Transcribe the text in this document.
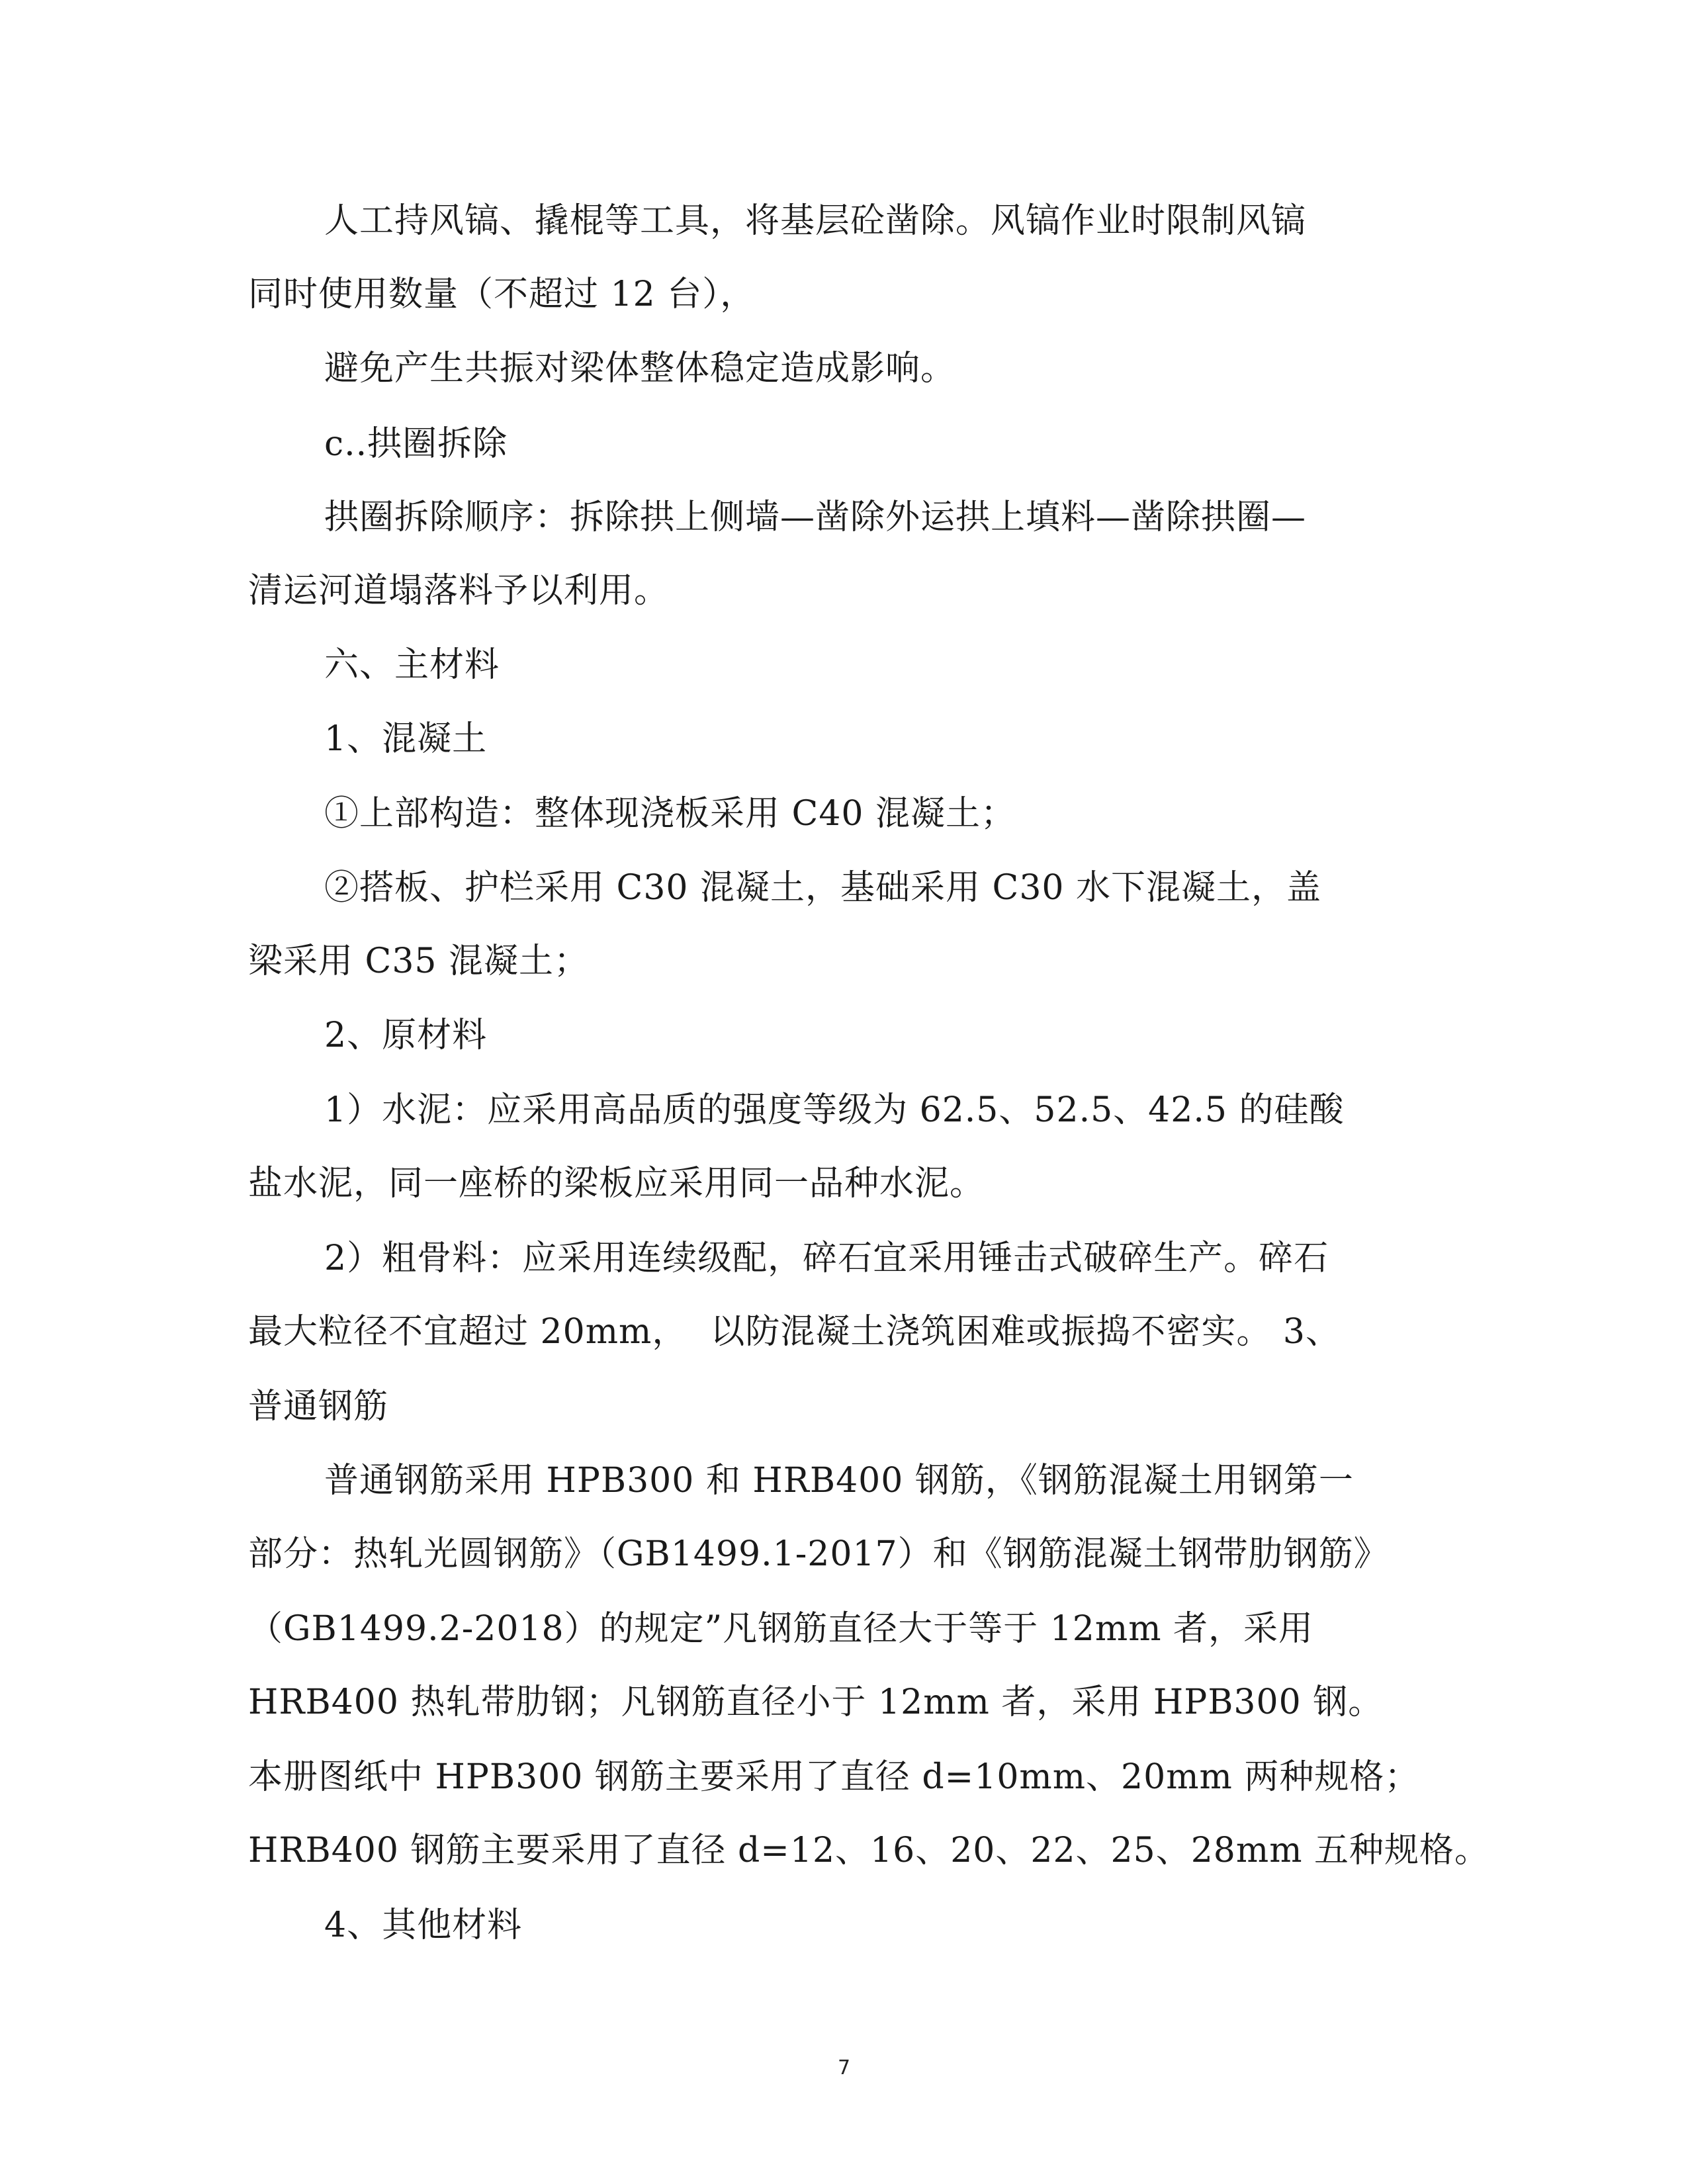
人工持风镐、撬棍等工具，将基层砼凿除。风镐作业时限制风镐
同时使用数量（不超过 12 台），
避免产生共振对梁体整体稳定造成影响。
c..拱圈拆除
拱圈拆除顺序：拆除拱上侧墙—凿除外运拱上填料—凿除拱圈—
清运河道塌落料予以利用。
六、主材料
1、混凝土
①上部构造：整体现浇板采用 C40 混凝土；
②搭板、护栏采用 C30 混凝土，基础采用 C30 水下混凝土，盖
梁采用 C35 混凝土；
2、原材料
1）水泥：应采用高品质的强度等级为 62.5、52.5、42.5 的硅酸
盐水泥，同一座桥的梁板应采用同一品种水泥。
2）粗骨料：应采用连续级配，碎石宜采用锤击式破碎生产。碎石
最大粒径不宜超过 20mm，  以防混凝土浇筑困难或振捣不密实。 3、
普通钢筋
普通钢筋采用 HPB300 和 HRB400 钢筋，《钢筋混凝土用钢第一
部分：热轧光圆钢筋》（GB1499.1-2017）和《钢筋混凝土钢带肋钢筋》
（GB1499.2-2018）的规定”凡钢筋直径大于等于 12mm 者，采用
HRB400 热轧带肋钢；凡钢筋直径小于 12mm 者，采用 HPB300 钢。
本册图纸中 HPB300 钢筋主要采用了直径 d=10mm、20mm 两种规格；
HRB400 钢筋主要采用了直径 d=12、16、20、22、25、28mm 五种规格。
4、其他材料
7
